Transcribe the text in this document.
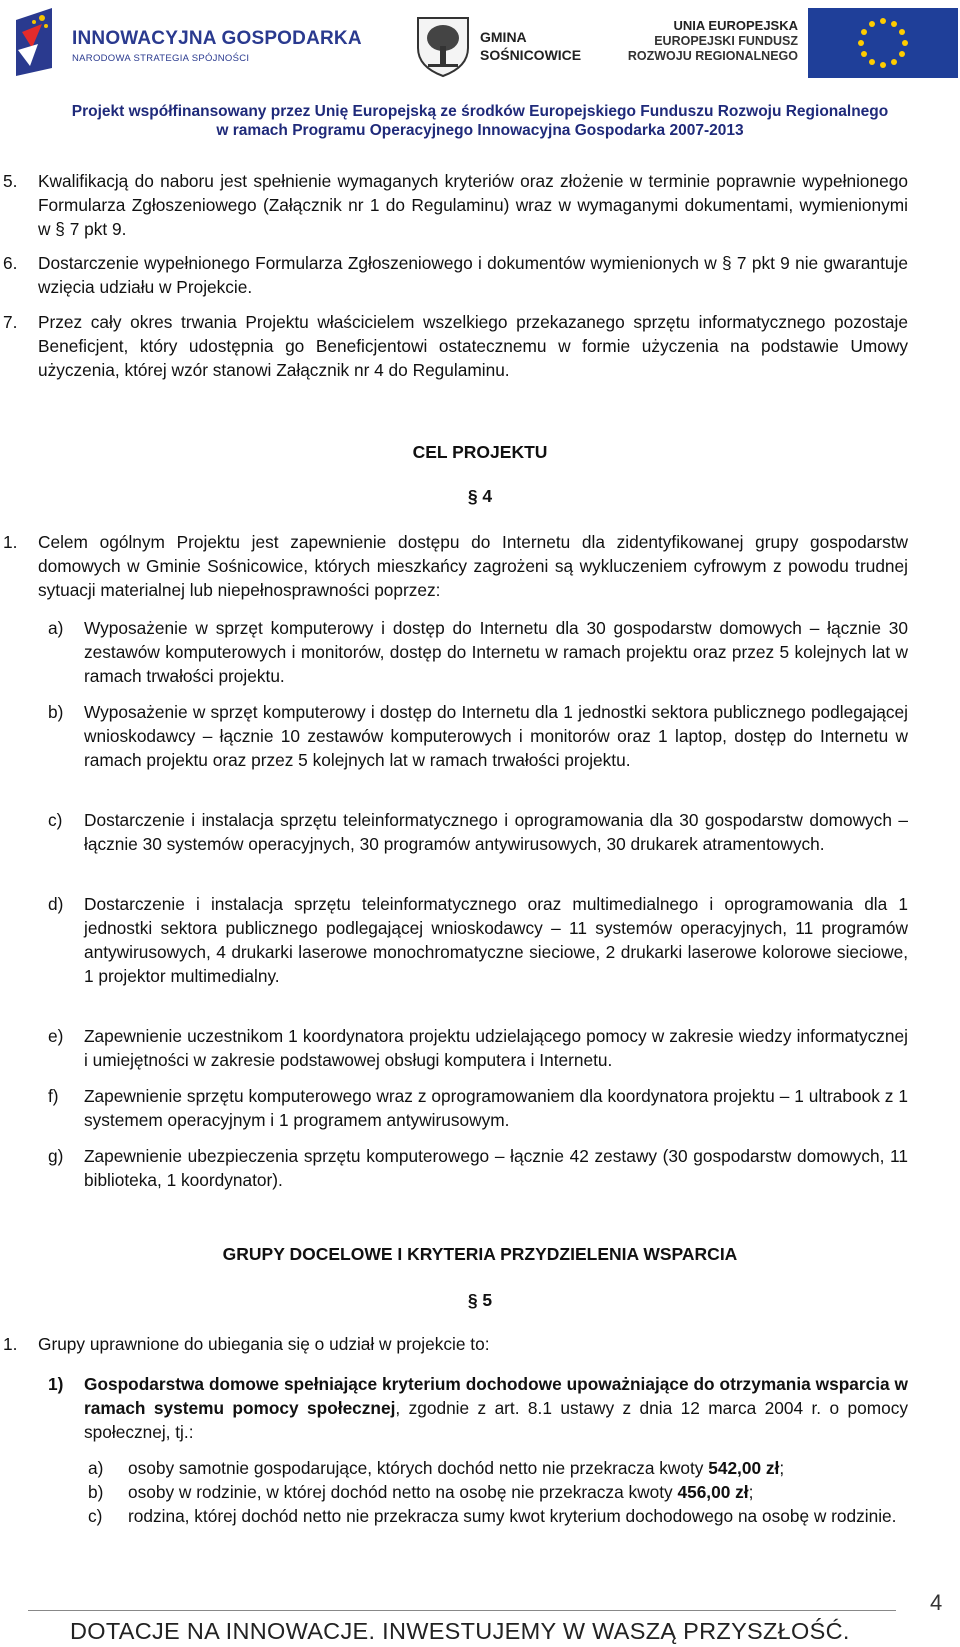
INNOWACYJNA GOSPODARKA
NARODOWA STRATEGIA SPÓJNOŚCI
GMINA
SOŚNICOWICE
UNIA EUROPEJSKA
EUROPEJSKI FUNDUSZ
ROZWOJU REGIONALNEGO
Projekt współfinansowany przez Unię Europejską ze środków Europejskiego Funduszu Rozwoju Regionalnego
w ramach Programu Operacyjnego Innowacyjna Gospodarka 2007-2013
5. Kwalifikacją do naboru jest spełnienie wymaganych kryteriów oraz złożenie w terminie poprawnie wypełnionego Formularza Zgłoszeniowego (Załącznik nr 1 do Regulaminu) wraz w wymaganymi dokumentami, wymienionymi w § 7 pkt 9.
6. Dostarczenie wypełnionego Formularza Zgłoszeniowego i dokumentów wymienionych w § 7 pkt 9 nie gwarantuje wzięcia udziału w Projekcie.
7. Przez cały okres trwania Projektu właścicielem wszelkiego przekazanego sprzętu informatycznego pozostaje Beneficjent, który udostępnia go Beneficjentowi ostatecznemu w formie użyczenia na podstawie Umowy użyczenia, której wzór stanowi Załącznik nr 4 do Regulaminu.
CEL PROJEKTU
§ 4
1. Celem ogólnym Projektu jest zapewnienie dostępu do Internetu dla zidentyfikowanej grupy gospodarstw domowych w Gminie Sośnicowice, których mieszkańcy zagrożeni są wykluczeniem cyfrowym z powodu trudnej sytuacji materialnej lub niepełnosprawności poprzez:
a) Wyposażenie w sprzęt komputerowy i dostęp do Internetu dla 30 gospodarstw domowych – łącznie 30 zestawów komputerowych i monitorów, dostęp do Internetu w ramach projektu oraz przez 5 kolejnych lat w ramach trwałości projektu.
b) Wyposażenie w sprzęt komputerowy i dostęp do Internetu dla 1 jednostki sektora publicznego podlegającej wnioskodawcy – łącznie 10 zestawów komputerowych i monitorów oraz 1 laptop, dostęp do Internetu w ramach projektu oraz przez 5 kolejnych lat w ramach trwałości projektu.
c) Dostarczenie i instalacja sprzętu teleinformatycznego i oprogramowania dla 30 gospodarstw domowych – łącznie 30 systemów operacyjnych, 30 programów antywirusowych, 30 drukarek atramentowych.
d) Dostarczenie i instalacja sprzętu teleinformatycznego oraz multimedialnego i oprogramowania dla 1 jednostki sektora publicznego podlegającej wnioskodawcy – 11 systemów operacyjnych, 11 programów antywirusowych, 4 drukarki laserowe monochromatyczne sieciowe, 2 drukarki laserowe kolorowe sieciowe, 1 projektor multimedialny.
e) Zapewnienie uczestnikom 1 koordynatora projektu udzielającego pomocy w zakresie wiedzy informatycznej i umiejętności w zakresie podstawowej obsługi komputera i Internetu.
f) Zapewnienie sprzętu komputerowego wraz z oprogramowaniem dla koordynatora projektu – 1 ultrabook z 1 systemem operacyjnym i 1 programem antywirusowym.
g) Zapewnienie ubezpieczenia sprzętu komputerowego – łącznie 42 zestawy (30 gospodarstw domowych, 11 biblioteka, 1 koordynator).
GRUPY DOCELOWE I KRYTERIA PRZYDZIELENIA WSPARCIA
§ 5
1. Grupy uprawnione do ubiegania się o udział w projekcie to:
1) Gospodarstwa domowe spełniające kryterium dochodowe upoważniające do otrzymania wsparcia w ramach systemu pomocy społecznej, zgodnie z art. 8.1 ustawy z dnia 12 marca 2004 r. o pomocy społecznej, tj.:
a) osoby samotnie gospodarujące, których dochód netto nie przekracza kwoty 542,00 zł;
b) osoby w rodzinie, w której dochód netto na osobę nie przekracza kwoty 456,00 zł;
c) rodzina, której dochód netto nie przekracza sumy kwot kryterium dochodowego na osobę w rodzinie.
4
DOTACJE NA INNOWACJE. INWESTUJEMY W WASZĄ PRZYSZŁOŚĆ.
